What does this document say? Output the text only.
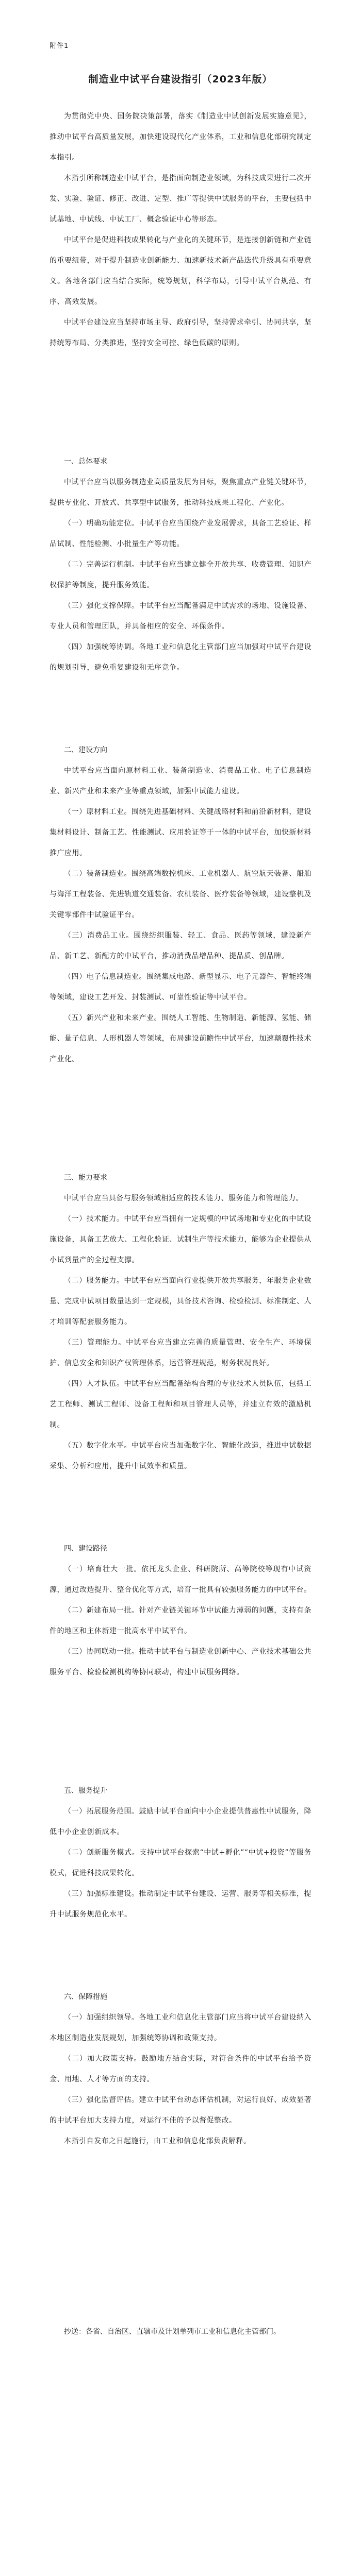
附件1
制造业中试平台建设指引（2023年版）

为贯彻党中央、国务院决策部署，落实《制造业中试创新发展实施意见》，推动中试平台高质量发展，加快建设现代化产业体系，工业和信息化部研究制定本指引。

本指引所称制造业中试平台，是指面向制造业领域，为科技成果进行二次开发、实验、验证、修正、改进、定型、推广等提供中试服务的平台，主要包括中试基地、中试线、中试工厂、概念验证中心等形态。

中试平台是促进科技成果转化与产业化的关键环节，是连接创新链和产业链的重要纽带，对于提升制造业创新能力、加速新技术新产品迭代升级具有重要意义。各地各部门应当结合实际，统筹规划，科学布局，引导中试平台规范、有序、高效发展。

中试平台建设应当坚持市场主导、政府引导，坚持需求牵引、协同共享，坚持统筹布局、分类推进，坚持安全可控、绿色低碳的原则。

一、总体要求

中试平台应当以服务制造业高质量发展为目标，聚焦重点产业链关键环节，提供专业化、开放式、共享型中试服务，推动科技成果工程化、产业化。

（一）明确功能定位。中试平台应当围绕产业发展需求，具备工艺验证、样品试制、性能检测、小批量生产等功能。

（二）完善运行机制。中试平台应当建立健全开放共享、收费管理、知识产权保护等制度，提升服务效能。

（三）强化支撑保障。中试平台应当配备满足中试需求的场地、设施设备、专业人员和管理团队，并具备相应的安全、环保条件。

（四）加强统筹协调。各地工业和信息化主管部门应当加强对中试平台建设的规划引导，避免重复建设和无序竞争。

二、建设方向

中试平台应当面向原材料工业、装备制造业、消费品工业、电子信息制造业、新兴产业和未来产业等重点领域，加强中试能力建设。

（一）原材料工业。围绕先进基础材料、关键战略材料和前沿新材料，建设集材料设计、制备工艺、性能测试、应用验证等于一体的中试平台，加快新材料推广应用。

（二）装备制造业。围绕高端数控机床、工业机器人、航空航天装备、船舶与海洋工程装备、先进轨道交通装备、农机装备、医疗装备等领域，建设整机及关键零部件中试验证平台。

（三）消费品工业。围绕纺织服装、轻工、食品、医药等领域，建设新产品、新工艺、新配方的中试平台，推动消费品增品种、提品质、创品牌。

（四）电子信息制造业。围绕集成电路、新型显示、电子元器件、智能终端等领域，建设工艺开发、封装测试、可靠性验证等中试平台。

（五）新兴产业和未来产业。围绕人工智能、生物制造、新能源、氢能、储能、量子信息、人形机器人等领域，布局建设前瞻性中试平台，加速颠覆性技术产业化。

三、能力要求

中试平台应当具备与服务领域相适应的技术能力、服务能力和管理能力。

（一）技术能力。中试平台应当拥有一定规模的中试场地和专业化的中试设施设备，具备工艺放大、工程化验证、试制生产等技术能力，能够为企业提供从小试到量产的全过程支撑。

（二）服务能力。中试平台应当面向行业提供开放共享服务，年服务企业数量、完成中试项目数量达到一定规模，具备技术咨询、检验检测、标准制定、人才培训等配套服务能力。

（三）管理能力。中试平台应当建立完善的质量管理、安全生产、环境保护、信息安全和知识产权管理体系，运营管理规范，财务状况良好。

（四）人才队伍。中试平台应当配备结构合理的专业技术人员队伍，包括工艺工程师、测试工程师、设备工程师和项目管理人员等，并建立有效的激励机制。

（五）数字化水平。中试平台应当加强数字化、智能化改造，推进中试数据采集、分析和应用，提升中试效率和质量。

四、建设路径

（一）培育壮大一批。依托龙头企业、科研院所、高等院校等现有中试资源，通过改造提升、整合优化等方式，培育一批具有较强服务能力的中试平台。

（二）新建布局一批。针对产业链关键环节中试能力薄弱的问题，支持有条件的地区和主体新建一批高水平中试平台。

（三）协同联动一批。推动中试平台与制造业创新中心、产业技术基础公共服务平台、检验检测机构等协同联动，构建中试服务网络。

五、服务提升

（一）拓展服务范围。鼓励中试平台面向中小企业提供普惠性中试服务，降低中小企业创新成本。

（二）创新服务模式。支持中试平台探索“中试+孵化”“中试+投资”等服务模式，促进科技成果转化。

（三）加强标准建设。推动制定中试平台建设、运营、服务等相关标准，提升中试服务规范化水平。

六、保障措施

（一）加强组织领导。各地工业和信息化主管部门应当将中试平台建设纳入本地区制造业发展规划，加强统筹协调和政策支持。

（二）加大政策支持。鼓励地方结合实际，对符合条件的中试平台给予资金、用地、人才等方面的支持。

（三）强化监督评估。建立中试平台动态评估机制，对运行良好、成效显著的中试平台加大支持力度，对运行不佳的予以督促整改。

本指引自发布之日起施行，由工业和信息化部负责解释。

抄送：各省、自治区、直辖市及计划单列市工业和信息化主管部门。
